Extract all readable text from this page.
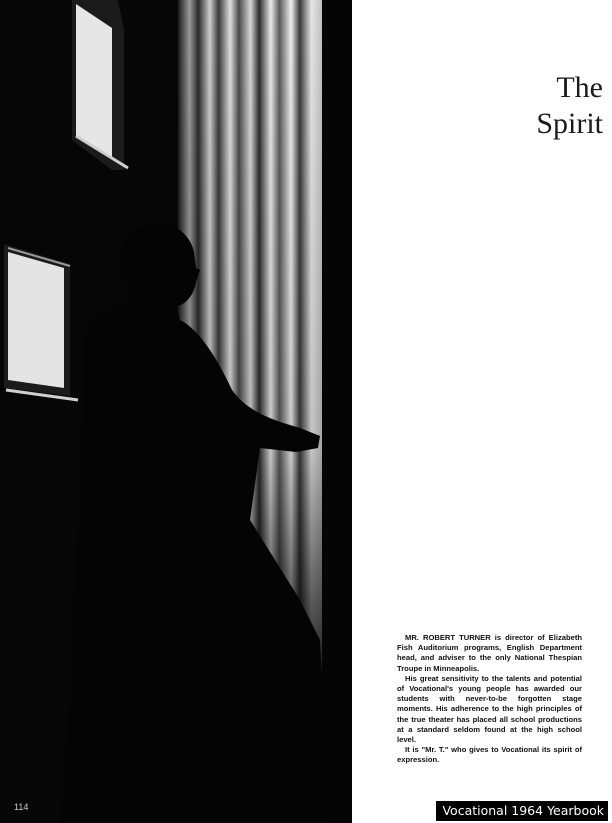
The
Spirit

MR. ROBERT TURNER is director of Elizabeth Fish Auditorium programs, English Department head, and adviser to the only National Thespian Troupe in Minneapolis.

His great sensitivity to the talents and potential of Vocational's young people has awarded our students with never-to-be forgotten stage moments. His adherence to the high principles of the true theater has placed all school productions at a standard seldom found at the high school level.

It is "Mr. T." who gives to Vocational its spirit of expression.

114	Vocational 1964 Yearbook
